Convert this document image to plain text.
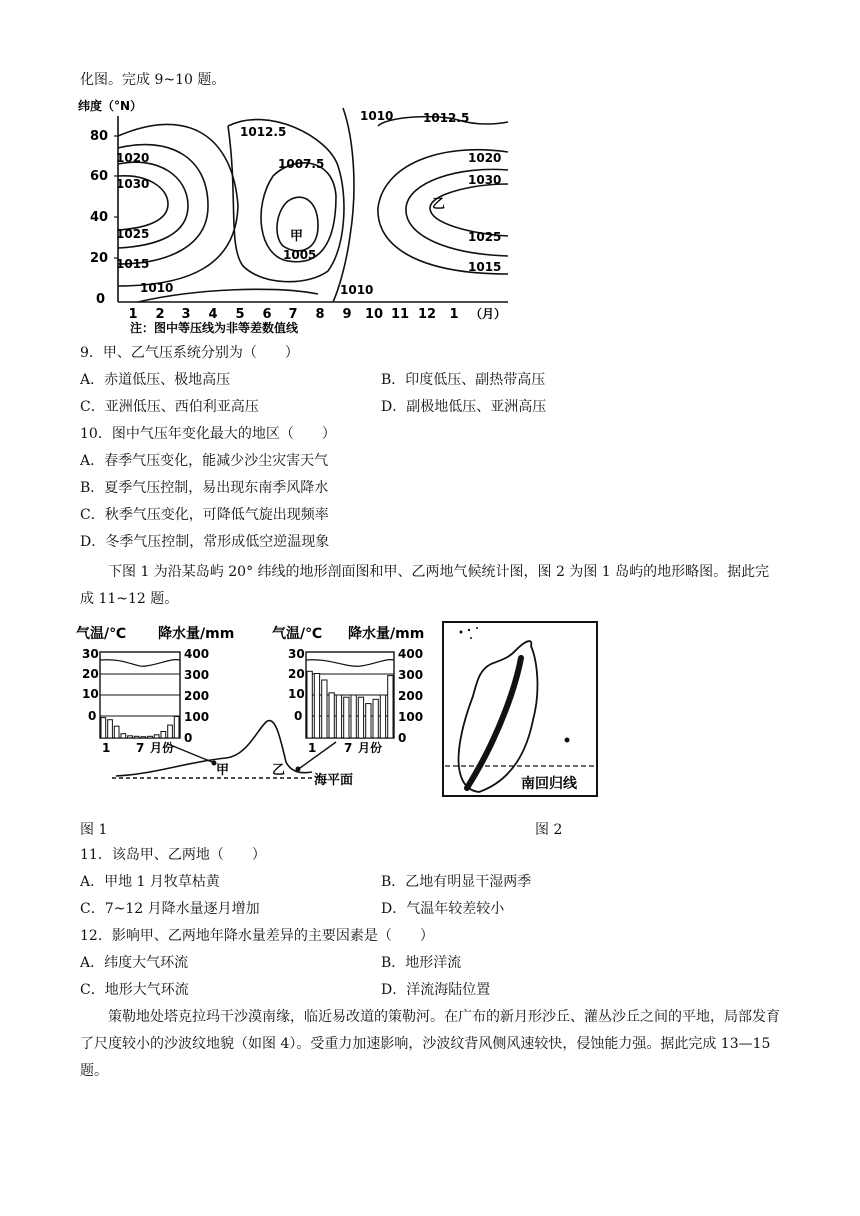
化图。完成 9~10 题。
纬度（°N）
80
60
40
20
0
1 2 3 4 5 6 7 8 9 10 11 12 1 （月）
注：图中等压线为非等差数值线
1010 1012.5
1012.5
1007.5
1020
1030
1025
1015
1010
1005
1010
1020
1030
1025
1015
甲
乙
9．甲、乙气压系统分别为（　　）
A．赤道低压、极地高压	B．印度低压、副热带高压
C．亚洲低压、西伯利亚高压	D．副极地低压、亚洲高压
10．图中气压年变化最大的地区（　　）
A．春季气压变化，能减少沙尘灾害天气
B．夏季气压控制，易出现东南季风降水
C．秋季气压变化，可降低气旋出现频率
D．冬季气压控制，常形成低空逆温现象
下图 1 为沿某岛屿 20° 纬线的地形剖面图和甲、乙两地气候统计图，图 2 为图 1 岛屿的地形略图。据此完成 11~12 题。
气温/℃ 降水量/mm	气温/℃ 降水量/mm
30
20
10
0
400
300
200
100
0
1 7 月份
30
20
10
0
400
300
200
100
0
1 7 月份
甲	乙
海平面	南回归线
图 1	图 2
11．该岛甲、乙两地（　　）
A．甲地 1 月牧草枯黄	B．乙地有明显干湿两季
C．7~12 月降水量逐月增加	D．气温年较差较小
12．影响甲、乙两地年降水量差异的主要因素是（　　）
A．纬度大气环流	B．地形洋流
C．地形大气环流	D．洋流海陆位置
策勒地处塔克拉玛干沙漠南缘，临近易改道的策勒河。在广布的新月形沙丘、灌丛沙丘之间的平地，局部发育了尺度较小的沙波纹地貌（如图 4）。受重力加速影响，沙波纹背风侧风速较快，侵蚀能力强。据此完成 13—15 题。
